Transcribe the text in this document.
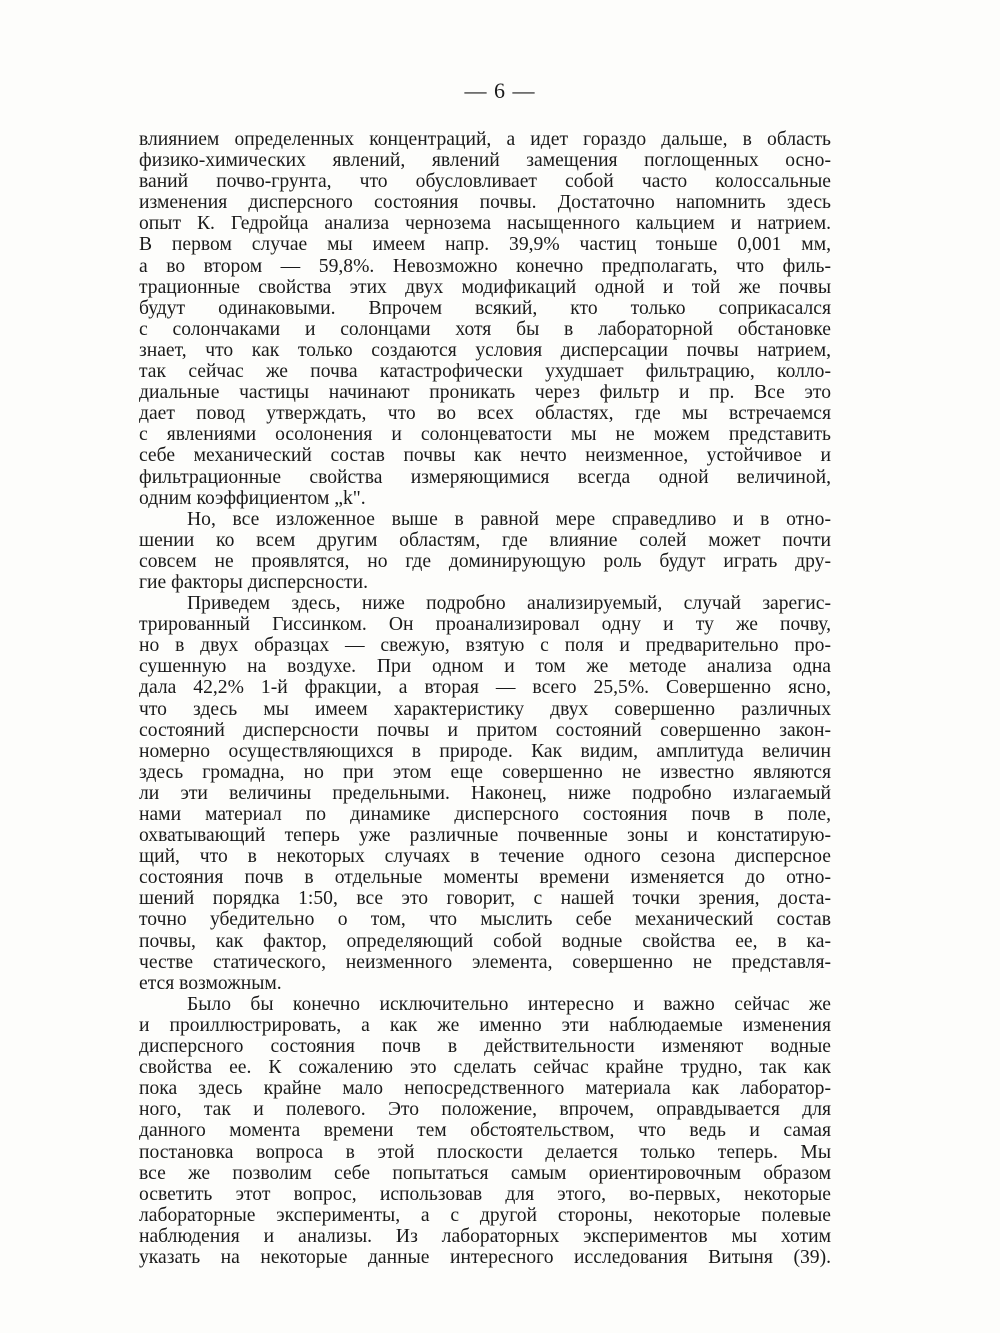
— 6 —
влиянием определенных концентраций, а идет гораздо дальше, в область
физико-химических явлений, явлений замещения поглощенных осно-
ваний почво-грунта, что обусловливает собой часто колоссальные
изменения дисперсного состояния почвы. Достаточно напомнить здесь
опыт К. Гедройца анализа чернозема насыщенного кальцием и натрием.
В первом случае мы имеем напр. 39,9% частиц тоньше 0,001 мм,
а во втором — 59,8%. Невозможно конечно предполагать, что филь-
трационные свойства этих двух модификаций одной и той же почвы
будут одинаковыми. Впрочем всякий, кто только соприкасался
с солончаками и солонцами хотя бы в лабораторной обстановке
знает, что как только создаются условия дисперсации почвы натрием,
так сейчас же почва катастрофически ухудшает фильтрацию, колло-
диальные частицы начинают проникать через фильтр и пр. Все это
дает повод утверждать, что во всех областях, где мы встречаемся
с явлениями осолонения и солонцеватости мы не можем представить
себе механический состав почвы как нечто неизменное, устойчивое и
фильтрационные свойства измеряющимися всегда одной величиной,
одним коэффициентом „k".
Но, все изложенное выше в равной мере справедливо и в отно-
шении ко всем другим областям, где влияние солей может почти
совсем не проявлятся, но где доминирующую роль будут играть дру-
гие факторы дисперсности.
Приведем здесь, ниже подробно анализируемый, случай зарегис-
трированный Гиссинком. Он проанализировал одну и ту же почву,
но в двух образцах — свежую, взятую с поля и предварительно про-
сушенную на воздухе. При одном и том же методе анализа одна
дала 42,2% 1-й фракции, а вторая — всего 25,5%. Совершенно ясно,
что здесь мы имеем характеристику двух совершенно различных
состояний дисперсности почвы и притом состояний совершенно закон-
номерно осуществляющихся в природе. Как видим, амплитуда величин
здесь громадна, но при этом еще совершенно не известно являются
ли эти величины предельными. Наконец, ниже подробно излагаемый
нами материал по динамике дисперсного состояния почв в поле,
охватывающий теперь уже различные почвенные зоны и констатирую-
щий, что в некоторых случаях в течение одного сезона дисперсное
состояния почв в отдельные моменты времени изменяется до отно-
шений порядка 1:50, все это говорит, с нашей точки зрения, доста-
точно убедительно о том, что мыслить себе механический состав
почвы, как фактор, определяющий собой водные свойства ее, в ка-
честве статического, неизменного элемента, совершенно не представля-
ется возможным.
Было бы конечно исключительно интересно и важно сейчас же
и проиллюстрировать, а как же именно эти наблюдаемые изменения
дисперсного состояния почв в действительности изменяют водные
свойства ее. К сожалению это сделать сейчас крайне трудно, так как
пока здесь крайне мало непосредственного материала как лаборатор-
ного, так и полевого. Это положение, впрочем, оправдывается для
данного момента времени тем обстоятельством, что ведь и самая
постановка вопроса в этой плоскости делается только теперь. Мы
все же позволим себе попытаться самым ориентировочным образом
осветить этот вопрос, использовав для этого, во-первых, некоторые
лабораторные эксперименты, а с другой стороны, некоторые полевые
наблюдения и анализы. Из лабораторных экспериментов мы хотим
указать на некоторые данные интересного исследования Витыня (39).
